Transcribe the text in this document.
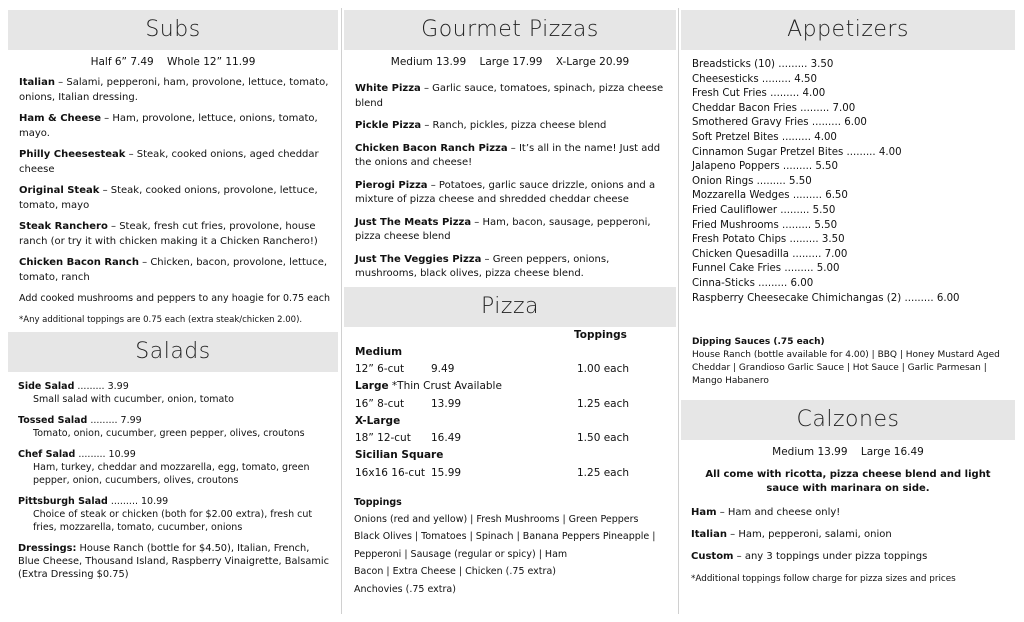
Subs
Half 6” 7.49 Whole 12” 11.99

Italian – Salami, pepperoni, ham, provolone, lettuce, tomato, onions, Italian dressing.

Ham & Cheese – Ham, provolone, lettuce, onions, tomato, mayo.

Philly Cheesesteak – Steak, cooked onions, aged cheddar cheese

Original Steak – Steak, cooked onions, provolone, lettuce, tomato, mayo

Steak Ranchero – Steak, fresh cut fries, provolone, house ranch (or try it with chicken making it a Chicken Ranchero!)

Chicken Bacon Ranch – Chicken, bacon, provolone, lettuce, tomato, ranch

Add cooked mushrooms and peppers to any hoagie for 0.75 each

*Any additional toppings are 0.75 each (extra steak/chicken 2.00).

Salads

Side Salad ......... 3.99
Small salad with cucumber, onion, tomato

Tossed Salad ......... 7.99
Tomato, onion, cucumber, green pepper, olives, croutons

Chef Salad ......... 10.99
Ham, turkey, cheddar and mozzarella, egg, tomato, green pepper, onion, cucumbers, olives, croutons

Pittsburgh Salad ......... 10.99
Choice of steak or chicken (both for $2.00 extra), fresh cut fries, mozzarella, tomato, cucumber, onions

Dressings: House Ranch (bottle for $4.50), Italian, French, Blue Cheese, Thousand Island, Raspberry Vinaigrette, Balsamic (Extra Dressing $0.75)

Gourmet Pizzas
Medium 13.99 Large 17.99 X-Large 20.99

White Pizza – Garlic sauce, tomatoes, spinach, pizza cheese blend

Pickle Pizza – Ranch, pickles, pizza cheese blend

Chicken Bacon Ranch Pizza – It’s all in the name! Just add the onions and cheese!

Pierogi Pizza – Potatoes, garlic sauce drizzle, onions and a mixture of pizza cheese and shredded cheddar cheese

Just The Meats Pizza – Ham, bacon, sausage, pepperoni, pizza cheese blend

Just The Veggies Pizza – Green peppers, onions, mushrooms, black olives, pizza cheese blend.

Pizza
Toppings
Medium
12” 6-cut	9.49	1.00 each
Large *Thin Crust Available
16” 8-cut	13.99	1.25 each
X-Large
18” 12-cut 16.49	1.50 each
Sicilian Square
16x16 16-cut 15.99	1.25 each

Toppings

Onions (red and yellow) | Fresh Mushrooms | Green Peppers
Black Olives | Tomatoes | Spinach | Banana Peppers Pineapple |
Pepperoni | Sausage (regular or spicy) | Ham
Bacon | Extra Cheese | Chicken (.75 extra)
Anchovies (.75 extra)
Appetizers
Breadsticks (10) ......... 3.50
Cheesesticks ......... 4.50
Fresh Cut Fries ......... 4.00
Cheddar Bacon Fries ......... 7.00
Smothered Gravy Fries ......... 6.00
Soft Pretzel Bites ......... 4.00
Cinnamon Sugar Pretzel Bites ......... 4.00
Jalapeno Poppers ......... 5.50
Onion Rings ......... 5.50
Mozzarella Wedges ......... 6.50
Fried Cauliflower ......... 5.50
Fried Mushrooms ......... 5.50
Fresh Potato Chips ......... 3.50
Chicken Quesadilla ......... 7.00
Funnel Cake Fries ......... 5.00
Cinna-Sticks ......... 6.00
Raspberry Cheesecake Chimichangas (2) ......... 6.00
Dipping Sauces (.75 each)
House Ranch (bottle available for 4.00) | BBQ | Honey Mustard Aged Cheddar | Grandioso Garlic Sauce | Hot Sauce | Garlic Parmesan | Mango Habanero
Calzones
Medium 13.99 Large 16.49

All come with ricotta, pizza cheese blend and light sauce with marinara on side.

Ham – Ham and cheese only!

Italian – Ham, pepperoni, salami, onion

Custom – any 3 toppings under pizza toppings

*Additional toppings follow charge for pizza sizes and prices
